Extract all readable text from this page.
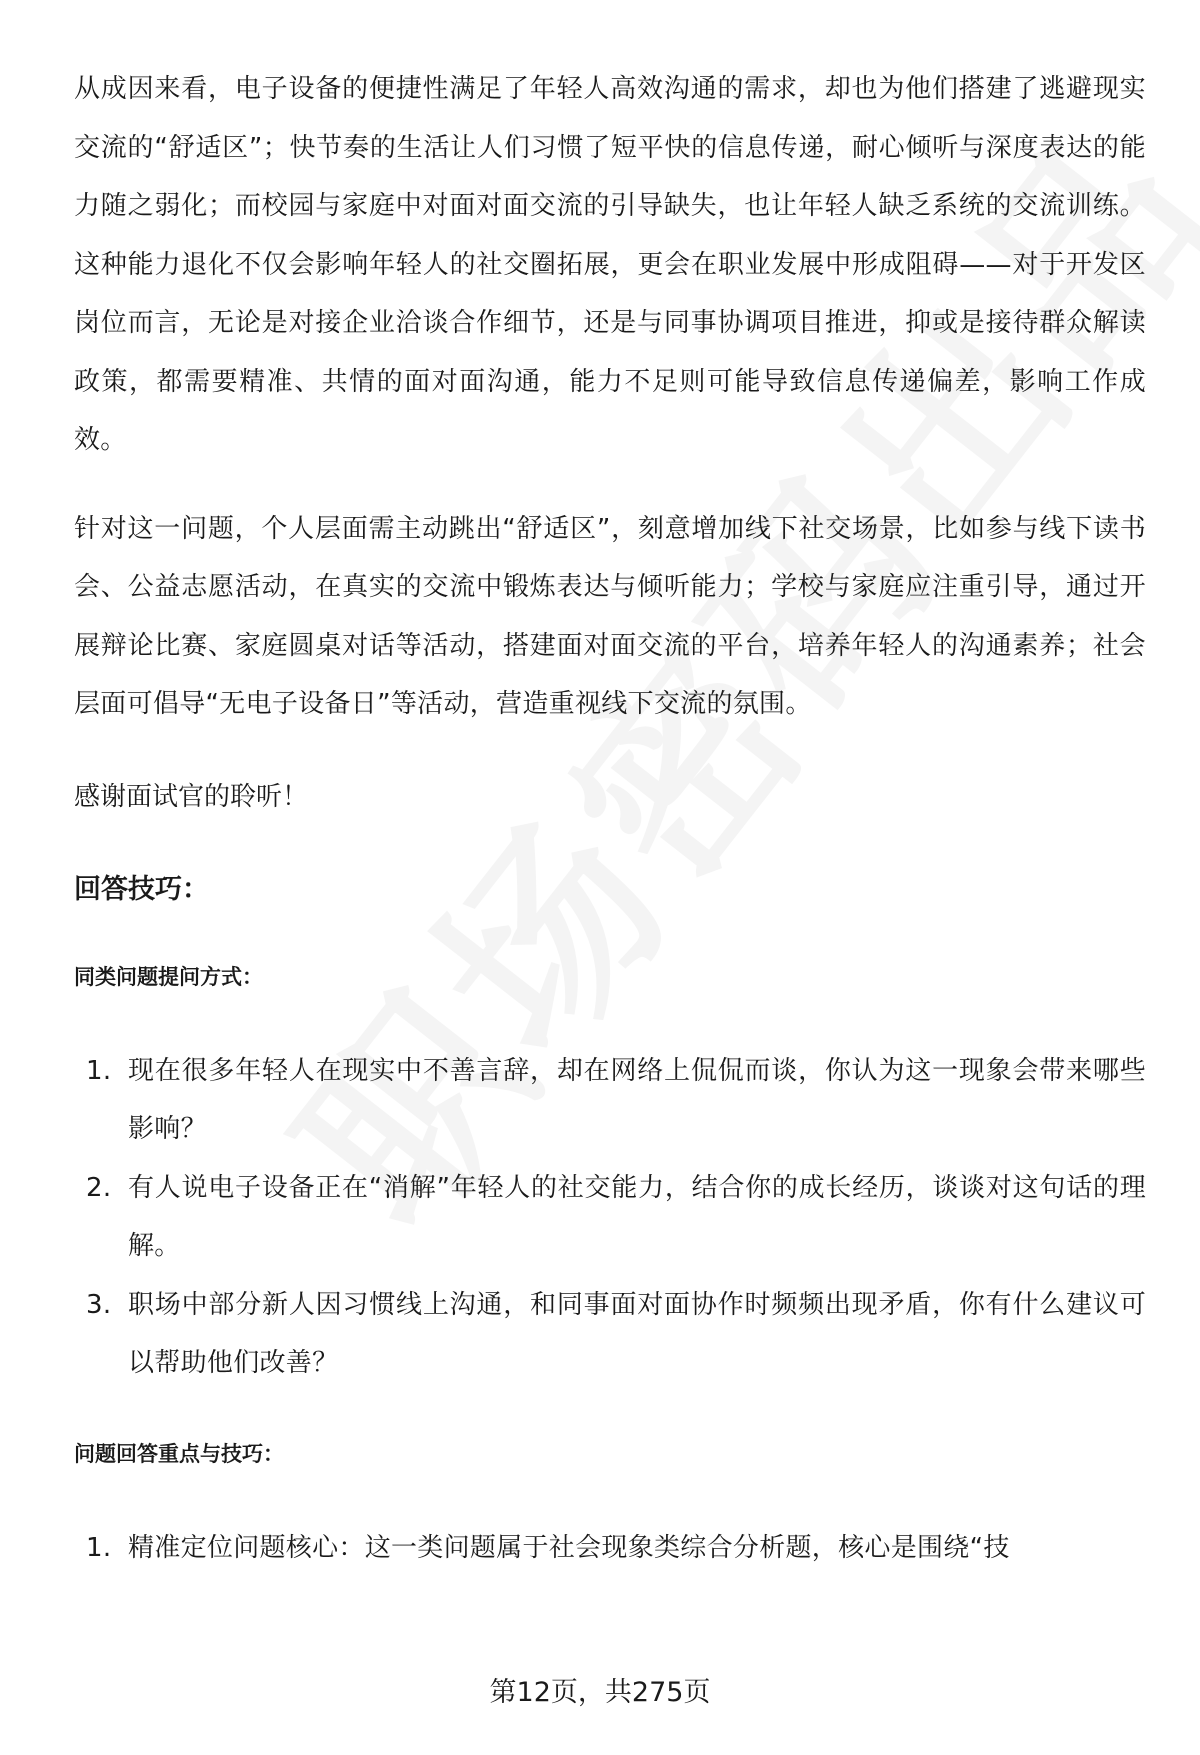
从成因来看，电子设备的便捷性满足了年轻人高效沟通的需求，却也为他们搭建了逃避现实交流的“舒适区”；快节奏的生活让人们习惯了短平快的信息传递，耐心倾听与深度表达的能力随之弱化；而校园与家庭中对面对面交流的引导缺失，也让年轻人缺乏系统的交流训练。这种能力退化不仅会影响年轻人的社交圈拓展，更会在职业发展中形成阻碍——对于开发区岗位而言，无论是对接企业洽谈合作细节，还是与同事协调项目推进，抑或是接待群众解读政策，都需要精准、共情的面对面沟通，能力不足则可能导致信息传递偏差，影响工作成效。

针对这一问题，个人层面需主动跳出“舒适区”，刻意增加线下社交场景，比如参与线下读书会、公益志愿活动，在真实的交流中锻炼表达与倾听能力；学校与家庭应注重引导，通过开展辩论比赛、家庭圆桌对话等活动，搭建面对面交流的平台，培养年轻人的沟通素养；社会层面可倡导“无电子设备日”等活动，营造重视线下交流的氛围。

感谢面试官的聆听！

回答技巧：
同类问题提问方式：
1. 现在很多年轻人在现实中不善言辞，却在网络上侃侃而谈，你认为这一现象会带来哪些影响？
2. 有人说电子设备正在“消解”年轻人的社交能力，结合你的成长经历，谈谈对这句话的理解。
3. 职场中部分新人因习惯线上沟通，和同事面对面协作时频频出现矛盾，你有什么建议可以帮助他们改善？
问题回答重点与技巧：
1. 精准定位问题核心：这一类问题属于社会现象类综合分析题，核心是围绕“技
第12页，共275页
